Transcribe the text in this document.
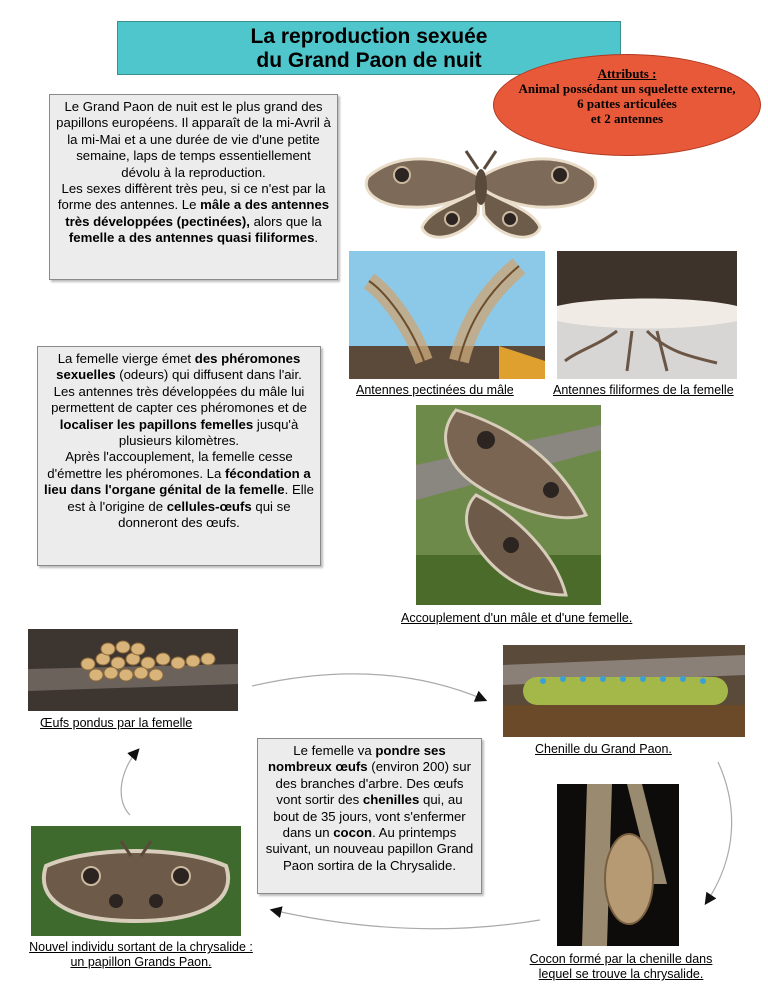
La reproduction sexuée
du Grand Paon de nuit
Attributs :
Animal possédant un squelette externe,
6 pattes articulées
et 2 antennes
Le Grand Paon de nuit est le plus grand des papillons européens. Il apparaît de la mi-Avril à la mi-Mai et a une durée de vie d'une petite semaine, laps de temps essentiellement dévolu à la reproduction.
Les sexes diffèrent très peu, si ce n'est par la forme des antennes. Le mâle a des antennes très développées (pectinées), alors que la femelle a des antennes quasi filiformes.
La femelle vierge émet des phéromones sexuelles (odeurs) qui diffusent dans l'air. Les antennes très développées du mâle lui permettent de capter ces phéromones et de localiser les papillons femelles jusqu'à plusieurs kilomètres.
Après l'accouplement, la femelle cesse d'émettre les phéromones. La fécondation a lieu dans l'organe génital de la femelle. Elle est à l'origine de cellules-œufs qui se donneront des œufs.
Le femelle va pondre ses nombreux œufs (environ 200) sur des branches d'arbre. Des œufs vont sortir des chenilles qui, au bout de 35 jours, vont s'enfermer dans un cocon. Au printemps suivant, un nouveau papillon Grand Paon sortira de la Chrysalide.
Antennes pectinées du mâle	Antennes filiformes de la femelle
Accouplement d'un mâle et d'une femelle.
Œufs pondus par la femelle
Chenille du Grand Paon.
Cocon formé par la chenille dans
lequel se trouve la chrysalide.
Nouvel individu sortant de la chrysalide :
un papillon Grands Paon.
